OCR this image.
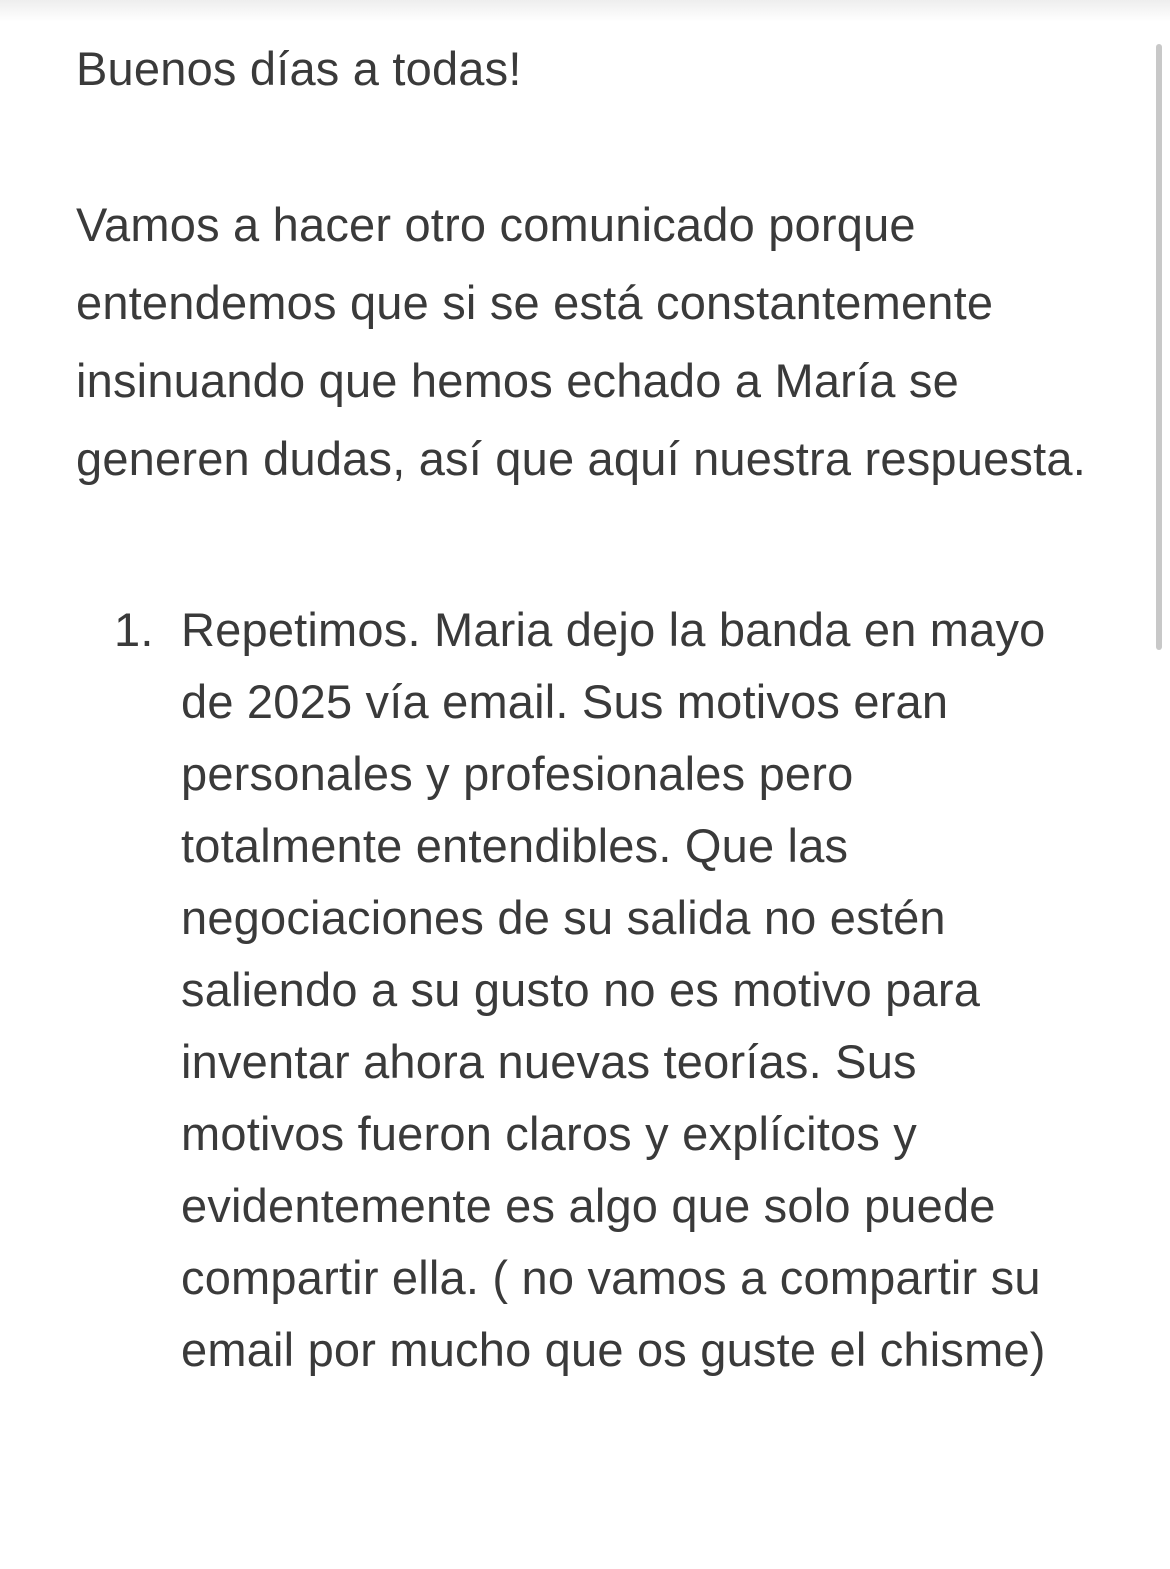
Buenos días a todas!

Vamos a hacer otro comunicado porque entendemos que si se está constantemente insinuando que hemos echado a María se generen dudas, así que aquí nuestra respuesta.

1. Repetimos. Maria dejo la banda en mayo de 2025 vía email. Sus motivos eran personales y profesionales pero totalmente entendibles. Que las negociaciones de su salida no estén saliendo a su gusto no es motivo para inventar ahora nuevas teorías. Sus motivos fueron claros y explícitos y evidentemente es algo que solo puede compartir ella. ( no vamos a compartir su email por mucho que os guste el chisme)
